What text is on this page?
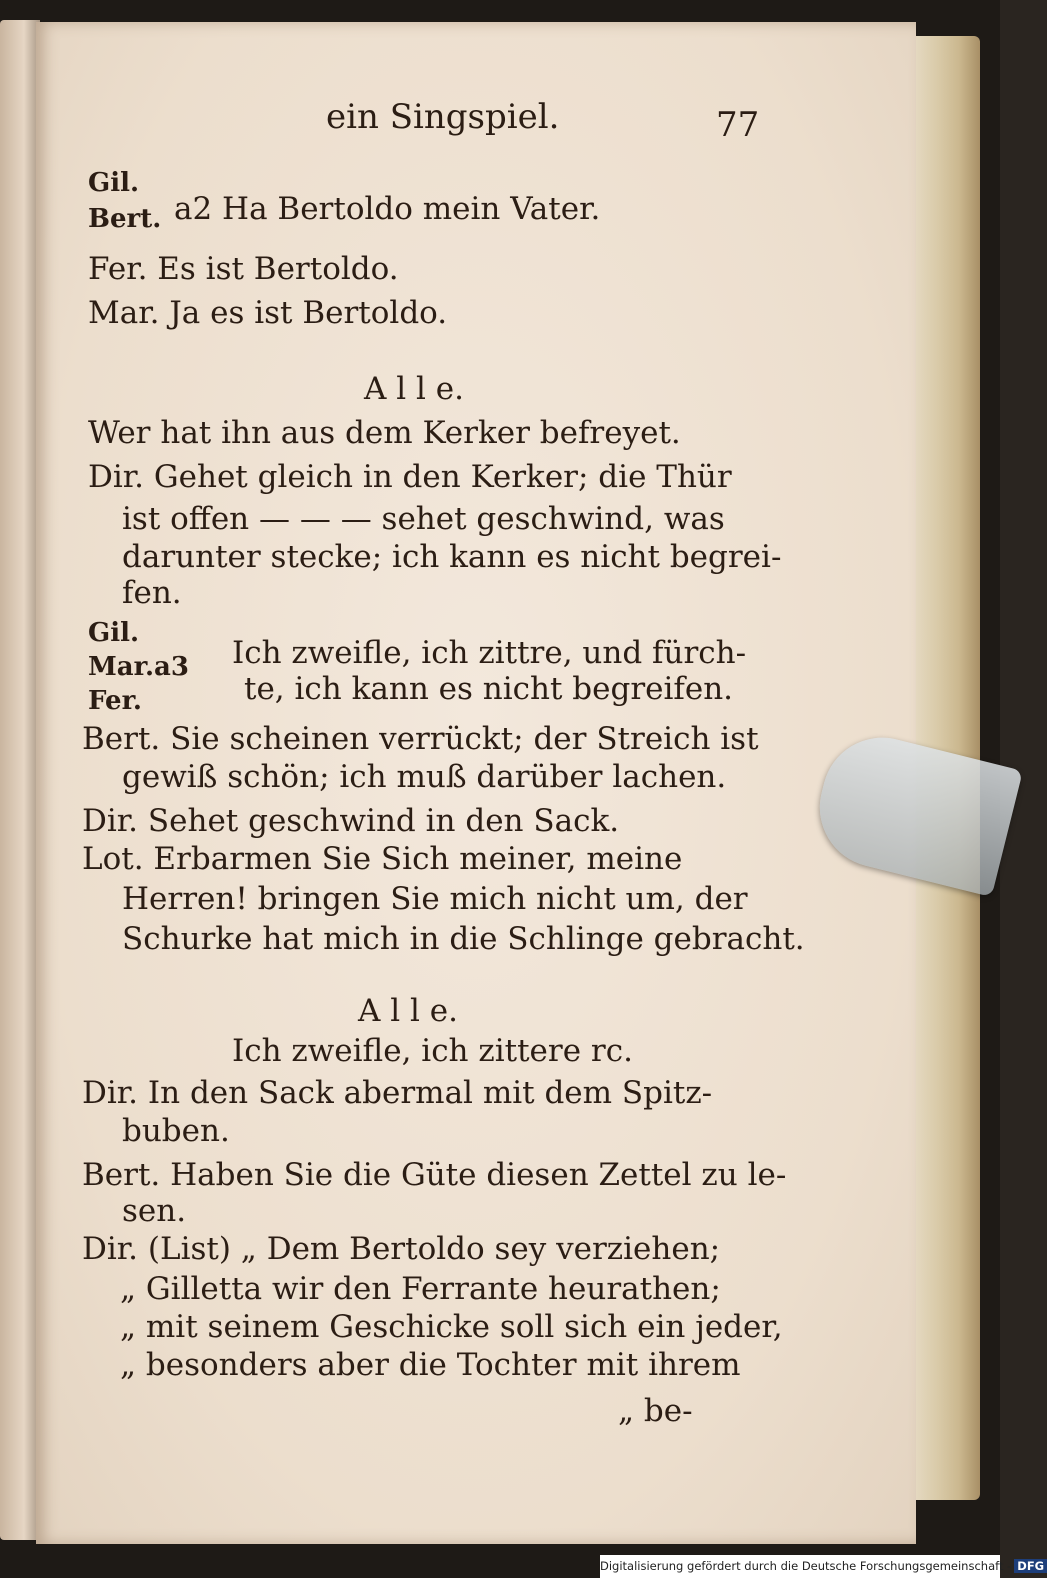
ein Singspiel.	77
Gil.
Bert. a2 Ha Bertoldo mein Vater.
Fer. Es ist Bertoldo.
Mar. Ja es ist Bertoldo.
A l l e.
Wer hat ihn aus dem Kerker befreyet.
Dir. Gehet gleich in den Kerker; die Thür
ist offen — — — sehet geschwind, was
darunter stecke; ich kann es nicht begrei-
fen.
Gil.
Mar.a3
Fer.
Ich zweifle, ich zittre, und fürch-
te, ich kann es nicht begreifen.
Bert. Sie scheinen verrückt; der Streich ist
gewiß schön; ich muß darüber lachen.
Dir. Sehet geschwind in den Sack.
Lot. Erbarmen Sie Sich meiner, meine
Herren! bringen Sie mich nicht um, der
Schurke hat mich in die Schlinge gebracht.
A l l e.
Ich zweifle, ich zittere rc.
Dir. In den Sack abermal mit dem Spitz-
buben.
Bert. Haben Sie die Güte diesen Zettel zu le-
sen.
Dir. (List) „ Dem Bertoldo sey verziehen;
„ Gilletta wir den Ferrante heurathen;
„ mit seinem Geschicke soll sich ein jeder,
„ besonders aber die Tochter mit ihrem
„ be-
Digitalisierung gefördert durch die Deutsche Forschungsgemeinschaft - DFG
